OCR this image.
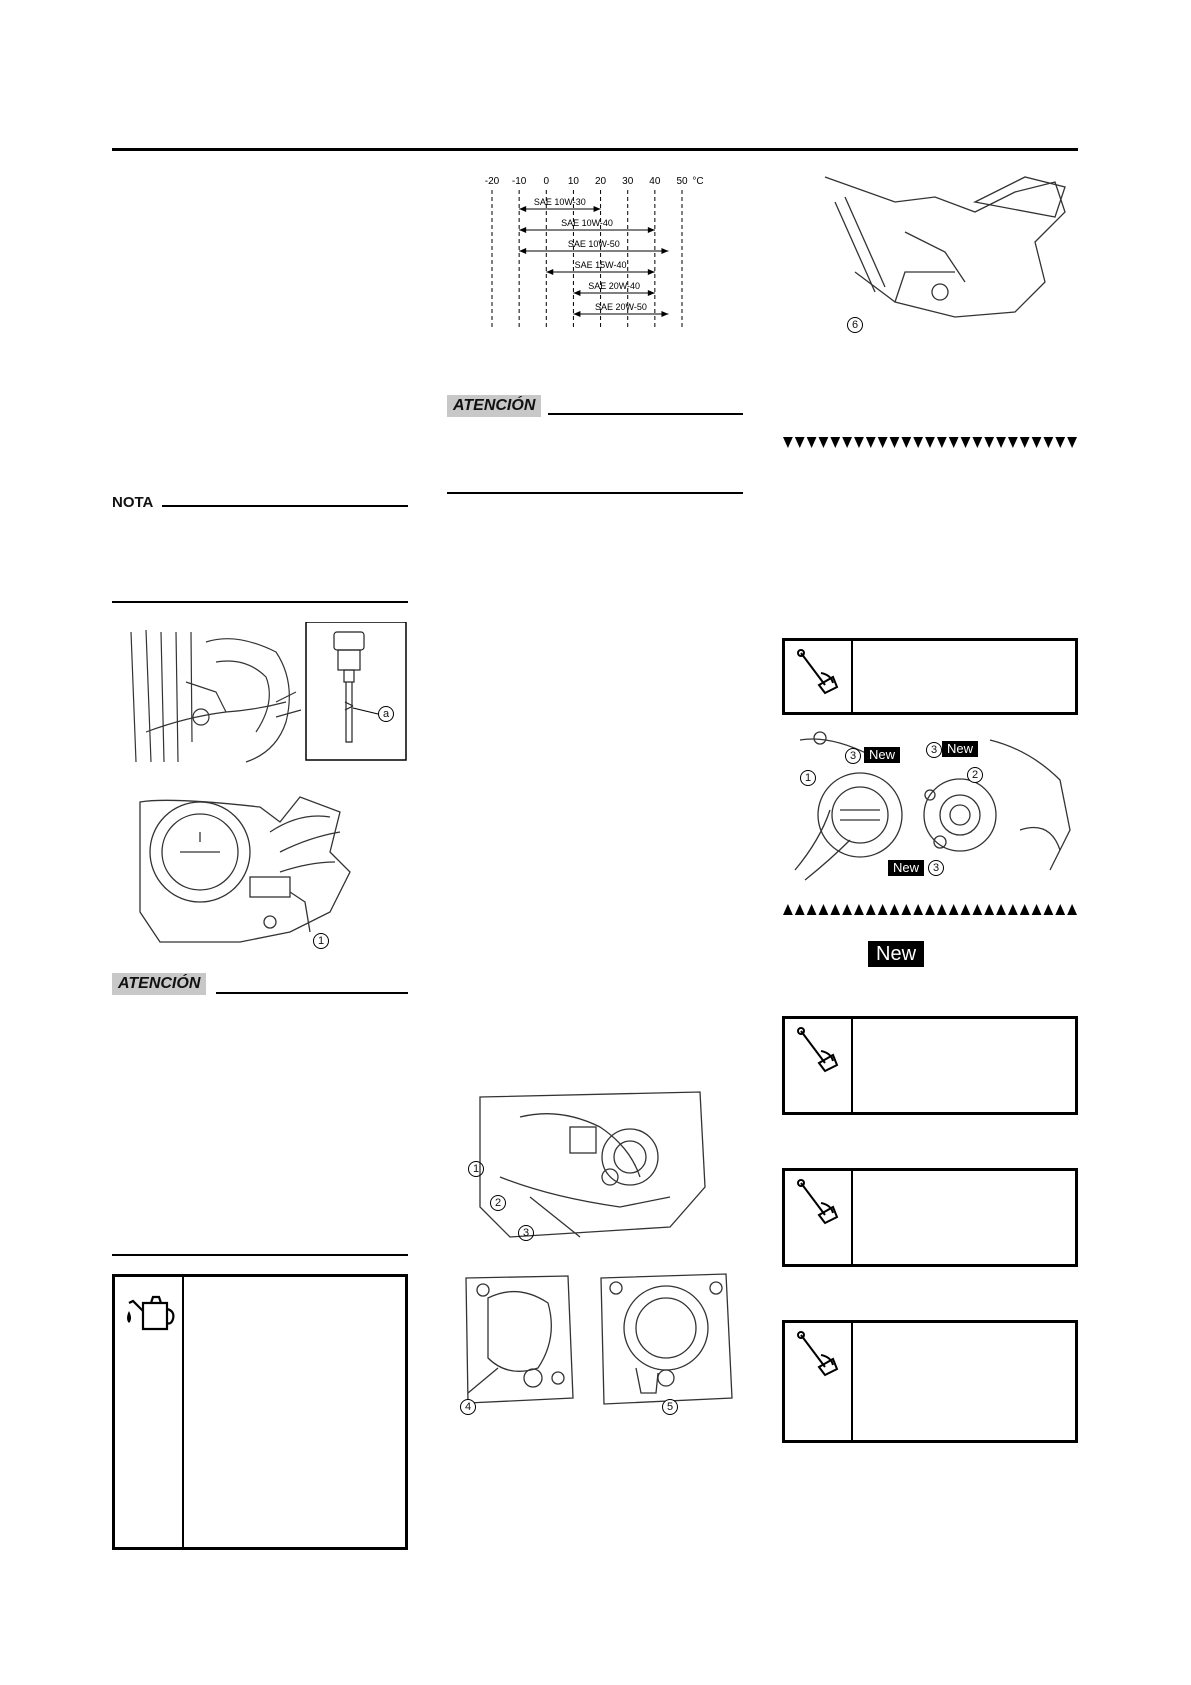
NOTA
a
1
ATENCIÓN
-20 -10 0 10 20 30 40 50 °C
SAE 10W-30
SAE 10W-40
SAE 10W-50
SAE 15W-40
SAE 20W-40
SAE 20W-50
ATENCIÓN
1
2
3
4	5
6
1
3 New	3 New
2
New	3
New
